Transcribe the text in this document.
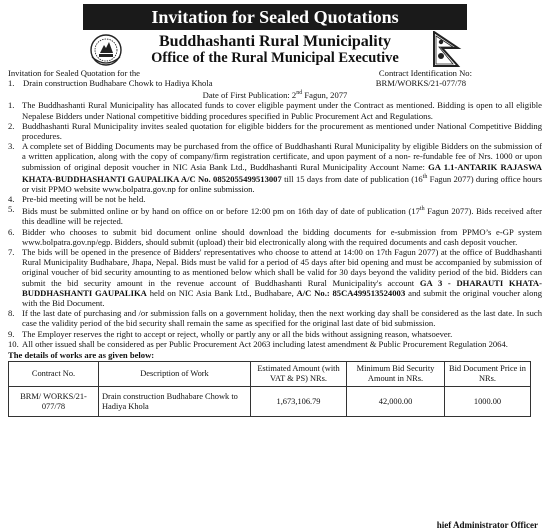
Invitation for Sealed Quotations
Buddhashanti Rural Municipality
Office of the Rural Municipal Executive
Invitation for Sealed Quotation for the	Contract Identification No:
1. Drain construction Budhabare Chowk to Hadiya Khola	BRM/WORKS/21-077/78
Date of First Publication: 2nd Fagun, 2077
1. The Buddhashanti Rural Municipality has allocated funds to cover eligible payment under the Contract as mentioned. Bidding is open to all eligible Nepalese Bidders under National competitive bidding procedures specified in Public Procurement Act and Regulations.
2. Buddhashanti Rural Municipality invites sealed quotation for eligible bidders for the procurement as mentioned under National Competitive Bidding procedures.
3. A complete set of Bidding Documents may be purchased from the office of Buddhashanti Rural Municipality by eligible Bidders on the submission of a written application, along with the copy of company/firm registration certificate, and upon payment of a non- re-fundable fee of Nrs. 1000 or upon submission of original deposit voucher in NIC Asia Bank Ltd., Buddhashanti Rural Municipality Account Name: GA 1.1-ANTARIK RAJASWA KHATA-BUDDHASHANTI GAUPALIKA A/C No. 0852055499513007 till 15 days from date of publication (16th Fagun 2077) during office hours or visit PPMO website www.bolpatra.gov.np for online submission.
4. Pre-bid meeting will be not be held.
5. Bids must be submitted online or by hand on office on or before 12:00 pm on 16th day of date of publication (17th Fagun 2077). Bids received after this deadline will be rejected.
6. Bidder who chooses to submit bid document online should download the bidding documents for e-submission from PPMO’s e-GP system www.bolpatra.gov.np/egp. Bidders, should submit (upload) their bid electronically along with the required documents and cash deposit voucher.
7. The bids will be opened in the presence of Bidders' representatives who choose to attend at 14:00 on 17th Fagun 2077) at the office of Buddhashanti Rural Municipality Budhabare, Jhapa, Nepal. Bids must be valid for a period of 45 days after bid opening and must be accompanied by submission of original voucher of bid security amounting to as mentioned below which shall be valid for 30 days beyond the validity period of the bid. Bidders can submit the bid security amount in the revenue account of Buddhashanti Rural Municipality's account GA 3 - DHARAUTI KHATA-BUDDHASHANTI GAUPALIKA held on NIC Asia Bank Ltd., Budhabare, A/C No.: 85CA49951352400З and submit the original voucher along with the Bid Document.
8. If the last date of purchasing and /or submission falls on a government holiday, then the next working day shall be considered as the last date. In such case the validity period of the bid security shall remain the same as specified for the original last date of bid submission.
9. The Employer reserves the right to accept or reject, wholly or partly any or all the bids without assigning reason, whatsoever.
10. All other issued shall be considered as per Public Procurement Act 2063 including latest amendment & Public Procurement Regulation 2064.
The details of works are as given below:
Contract No.	Description of Work	Estimated Amount (with VAT & PS) NRs.	Minimum Bid Security Amount in NRs.	Bid Document Price in NRs.
BRM/ WORKS/21-077/78	Drain construction Budhabare Chowk to Hadiya Khola	1,673,106.79	42,000.00	1000.00
hief Administrator Officer
